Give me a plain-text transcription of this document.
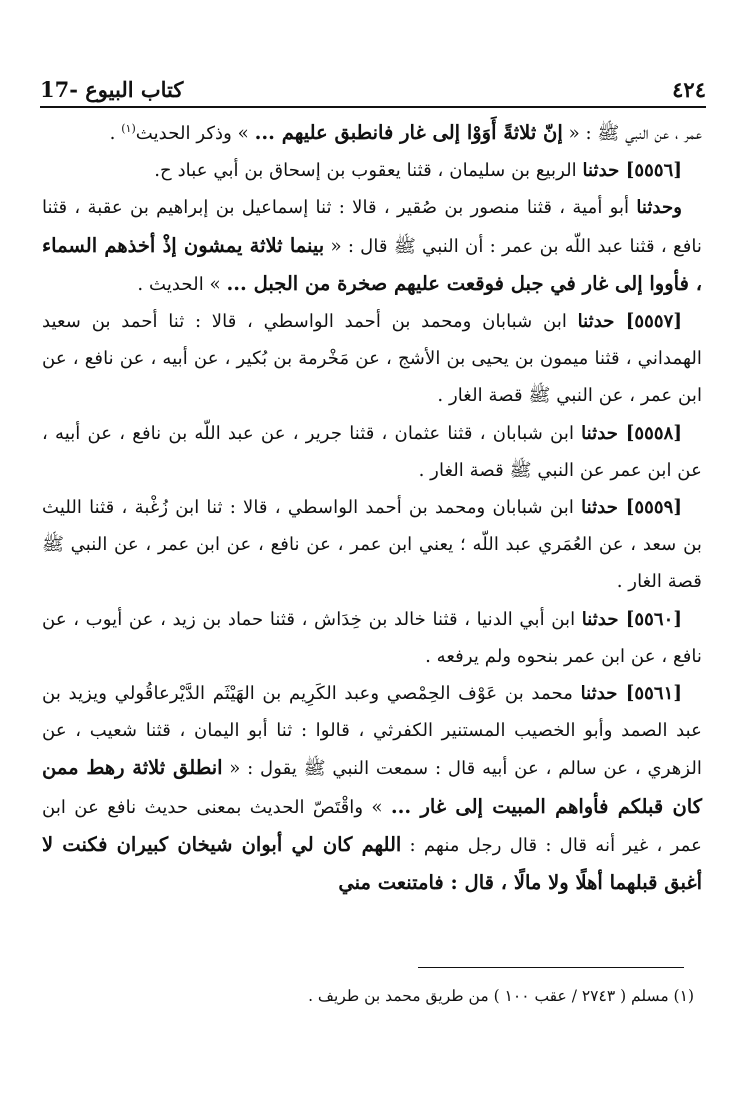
17- كتاب البيوع	٤٢٤

عمر ، عن النبي ﷺ : « إنّ ثلاثةً أَوَوْا إلى غار فانطبق عليهم ... » وذكر الحديث$^{(١)}$ .

[٥٥٥٦] حدثنا الربيع بن سليمان ، قثنا يعقوب بن إسحاق بن أبي عباد ح.

وحدثنا أبو أمية ، قثنا منصور بن صُقير ، قالا : ثنا إسماعيل بن إبراهيم بن عقبة ، قثنا نافع ، قثنا عبد اللّه بن عمر : أن النبي ﷺ قال : « بينما ثلاثة يمشون إذْ أخذهم السماء ، فأووا إلى غار في جبل فوقعت عليهم صخرة من الجبل ... » الحديث .

[٥٥٥٧] حدثنا ابن شبابان ومحمد بن أحمد الواسطي ، قالا : ثنا أحمد بن سعيد الهمداني ، قثنا ميمون بن يحيى بن الأشج ، عن مَخْرمة بن بُكير ، عن أبيه ، عن نافع ، عن ابن عمر ، عن النبي ﷺ قصة الغار .

[٥٥٥٨] حدثنا ابن شبابان ، قثنا عثمان ، قثنا جرير ، عن عبد اللّه بن نافع ، عن أبيه ، عن ابن عمر عن النبي ﷺ قصة الغار .

[٥٥٥٩] حدثنا ابن شبابان ومحمد بن أحمد الواسطي ، قالا : ثنا ابن زُغْبة ، قثنا الليث بن سعد ، عن العُمَري عبد اللّه ؛ يعني ابن عمر ، عن نافع ، عن ابن عمر ، عن النبي ﷺ قصة الغار .

[٥٥٦٠] حدثنا ابن أبي الدنيا ، قثنا خالد بن خِدَاش ، قثنا حماد بن زيد ، عن أيوب ، عن نافع ، عن ابن عمر بنحوه ولم يرفعه .

[٥٥٦١] حدثنا محمد بن عَوْف الحِمْصي وعبد الكَرِيم بن الهَيْثَم الدَّيْرعاقُولي ويزيد بن عبد الصمد وأبو الخصيب المستنير الكفرثي ، قالوا : ثنا أبو اليمان ، قثنا شعيب ، عن الزهري ، عن سالم ، عن أبيه قال : سمعت النبي ﷺ يقول : « انطلق ثلاثة رهط ممن كان قبلكم فأواهم المبيت إلى غار ... » واقْتَصّ الحديث بمعنى حديث نافع عن ابن عمر ، غير أنه قال : قال رجل منهم : اللهم كان لي أبوان شيخان كبيران فكنت لا أغبق قبلهما أهلًا ولا مالًا ، قال : فامتنعت مني

(١) مسلم ( ٢٧٤٣ / عقب ١٠٠ ) من طريق محمد بن طريف .
